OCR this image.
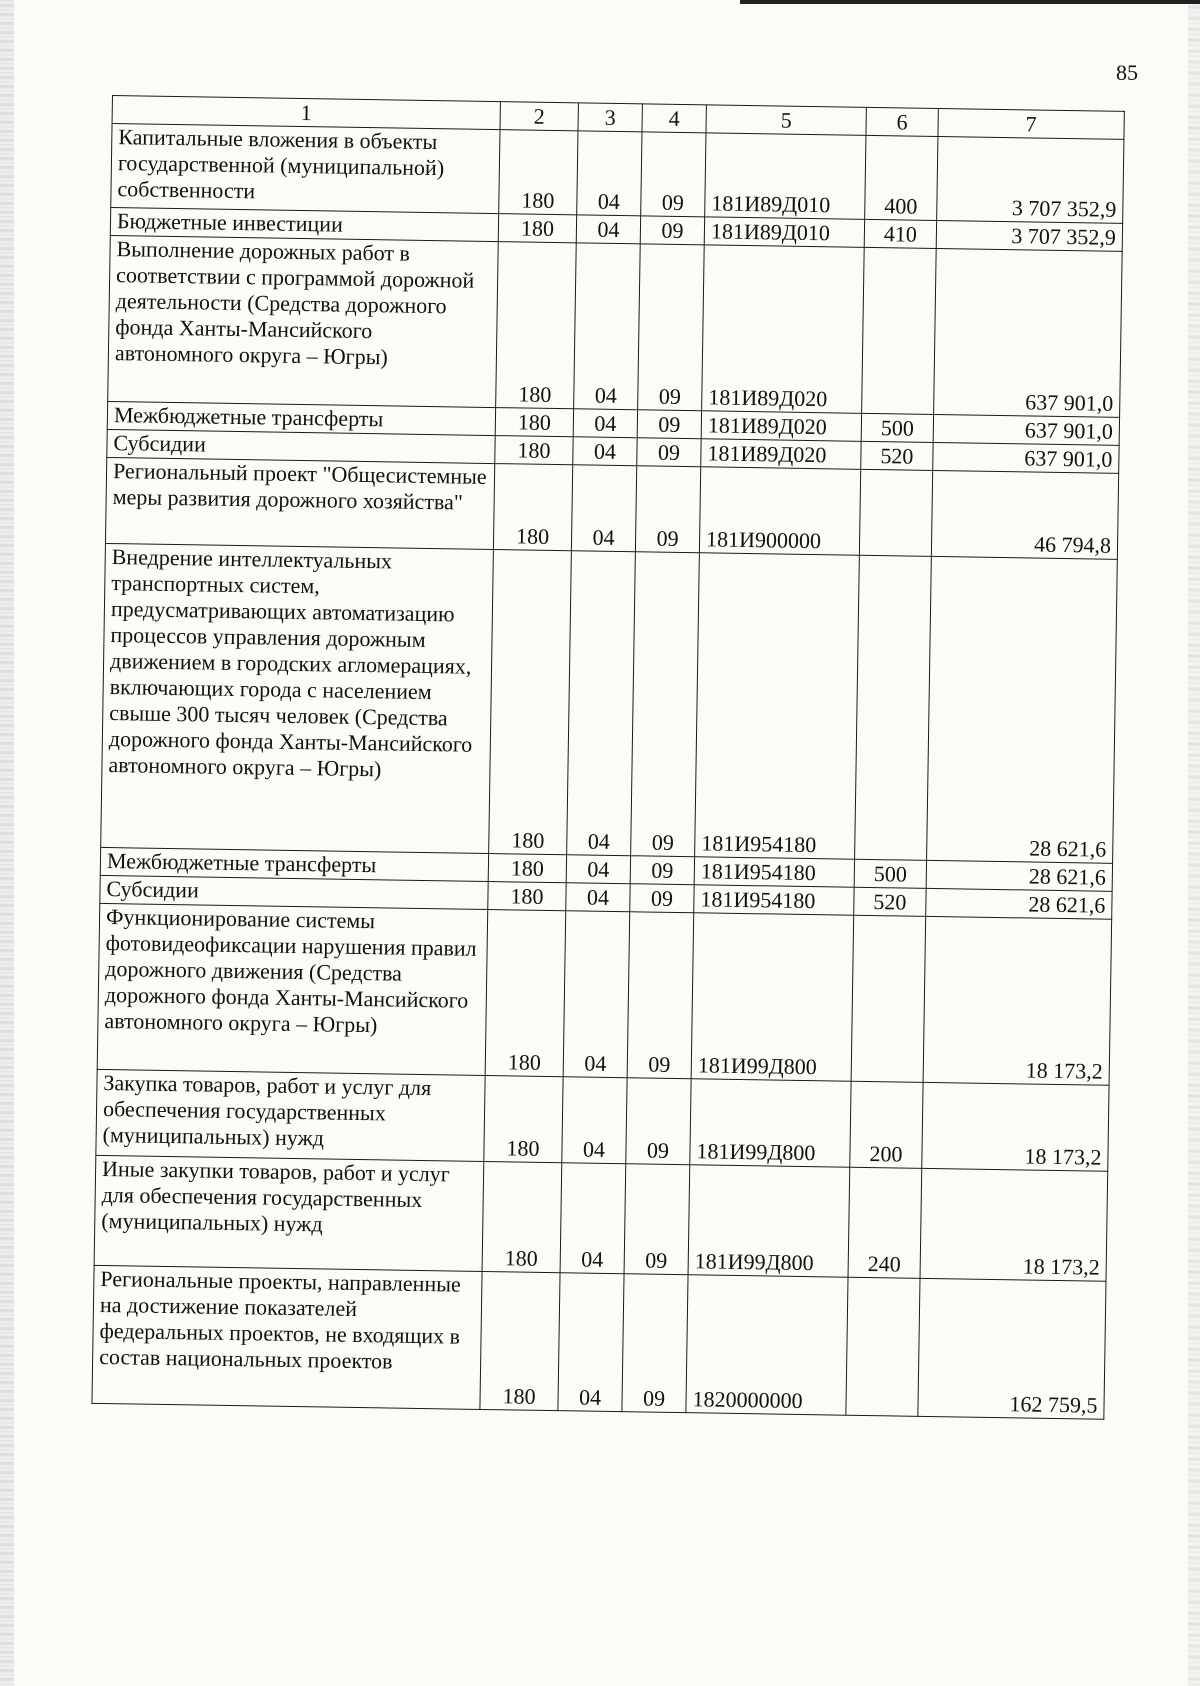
85
1	2	3	4	5	6	7
Капитальные вложения в объекты государственной (муниципальной) собственности	180	04	09	181И89Д010	400	3 707 352,9
Бюджетные инвестиции	180	04	09	181И89Д010	410	3 707 352,9
Выполнение дорожных работ в соответствии с программой дорожной деятельности (Средства дорожного фонда Ханты-Мансийского автономного округа – Югры)	180	04	09	181И89Д020		637 901,0
Межбюджетные трансферты	180	04	09	181И89Д020	500	637 901,0
Субсидии	180	04	09	181И89Д020	520	637 901,0
Региональный проект "Общесистемные меры развития дорожного хозяйства"	180	04	09	181И900000		46 794,8
Внедрение интеллектуальных транспортных систем, предусматривающих автоматизацию процессов управления дорожным движением в городских агломерациях, включающих города с населением свыше 300 тысяч человек (Средства дорожного фонда Ханты-Мансийского автономного округа – Югры)	180	04	09	181И954180		28 621,6
Межбюджетные трансферты	180	04	09	181И954180	500	28 621,6
Субсидии	180	04	09	181И954180	520	28 621,6
Функционирование системы фотовидеофиксации нарушения правил дорожного движения (Средства дорожного фонда Ханты-Мансийского автономного округа – Югры)	180	04	09	181И99Д800		18 173,2
Закупка товаров, работ и услуг для обеспечения государственных (муниципальных) нужд	180	04	09	181И99Д800	200	18 173,2
Иные закупки товаров, работ и услуг для обеспечения государственных (муниципальных) нужд	180	04	09	181И99Д800	240	18 173,2
Региональные проекты, направленные на достижение показателей федеральных проектов, не входящих в состав национальных проектов	180	04	09	1820000000		162 759,5
